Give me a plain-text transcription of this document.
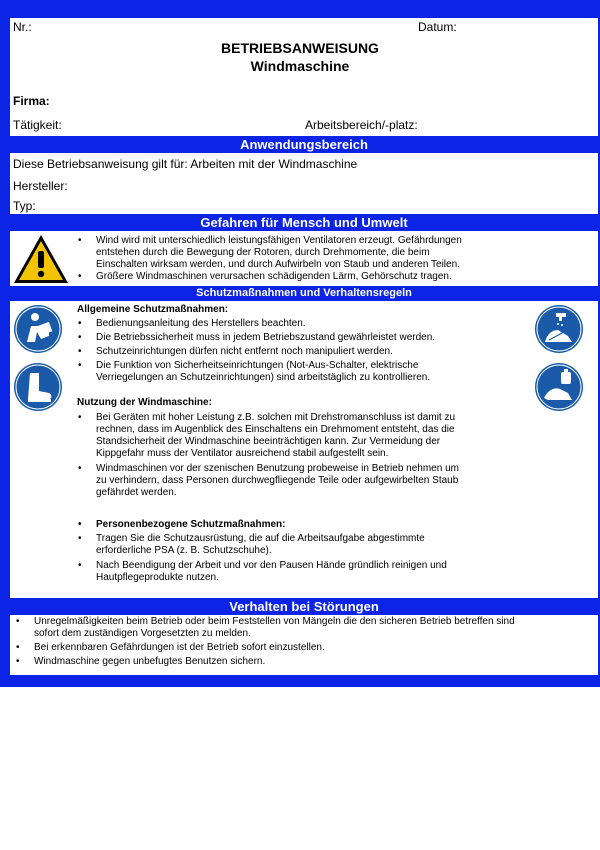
Nr.:	Datum:
BETRIEBSANWEISUNG
Windmaschine
Firma:
Tätigkeit:	Arbeitsbereich/-platz:
Anwendungsbereich
Diese Betriebsanweisung gilt für: Arbeiten mit der Windmaschine
Hersteller:
Typ:
Gefahren für Mensch und Umwelt
• Wind wird mit unterschiedlich leistungsfähigen Ventilatoren erzeugt. Gefährdungen
entstehen durch die Bewegung der Rotoren, durch Drehmomente, die beim
Einschalten wirksam werden, und durch Aufwirbeln von Staub und anderen Teilen.
• Größere Windmaschinen verursachen schädigenden Lärm, Gehörschutz tragen.
Schutzmaßnahmen und Verhaltensregeln
Allgemeine Schutzmaßnahmen:
• Bedienungsanleitung des Herstellers beachten.
• Die Betriebssicherheit muss in jedem Betriebszustand gewährleistet werden.
• Schutzeinrichtungen dürfen nicht entfernt noch manipuliert werden.
• Die Funktion von Sicherheitseinrichtungen (Not-Aus-Schalter, elektrische
Verriegelungen an Schutzeinrichtungen) sind arbeitstäglich zu kontrollieren.
Nutzung der Windmaschine:
• Bei Geräten mit hoher Leistung z.B. solchen mit Drehstromanschluss ist damit zu
rechnen, dass im Augenblick des Einschaltens ein Drehmoment entsteht, das die
Standsicherheit der Windmaschine beeinträchtigen kann. Zur Vermeidung der
Kippgefahr muss der Ventilator ausreichend stabil aufgestellt sein.
• Windmaschinen vor der szenischen Benutzung probeweise in Betrieb nehmen um
zu verhindern, dass Personen durchwegfliegende Teile oder aufgewirbelten Staub
gefährdet werden.
• Personenbezogene Schutzmaßnahmen:
• Tragen Sie die Schutzausrüstung, die auf die Arbeitsaufgabe abgestimmte
erforderliche PSA (z. B. Schutzschuhe).
• Nach Beendigung der Arbeit und vor den Pausen Hände gründlich reinigen und
Hautpflegeprodukte nutzen.
Verhalten bei Störungen
• Unregelmäßigkeiten beim Betrieb oder beim Feststellen von Mängeln die den sicheren Betrieb betreffen sind
sofort dem zuständigen Vorgesetzten zu melden.
• Bei erkennbaren Gefährdungen ist der Betrieb sofort einzustellen.
• Windmaschine gegen unbefugtes Benutzen sichern.
